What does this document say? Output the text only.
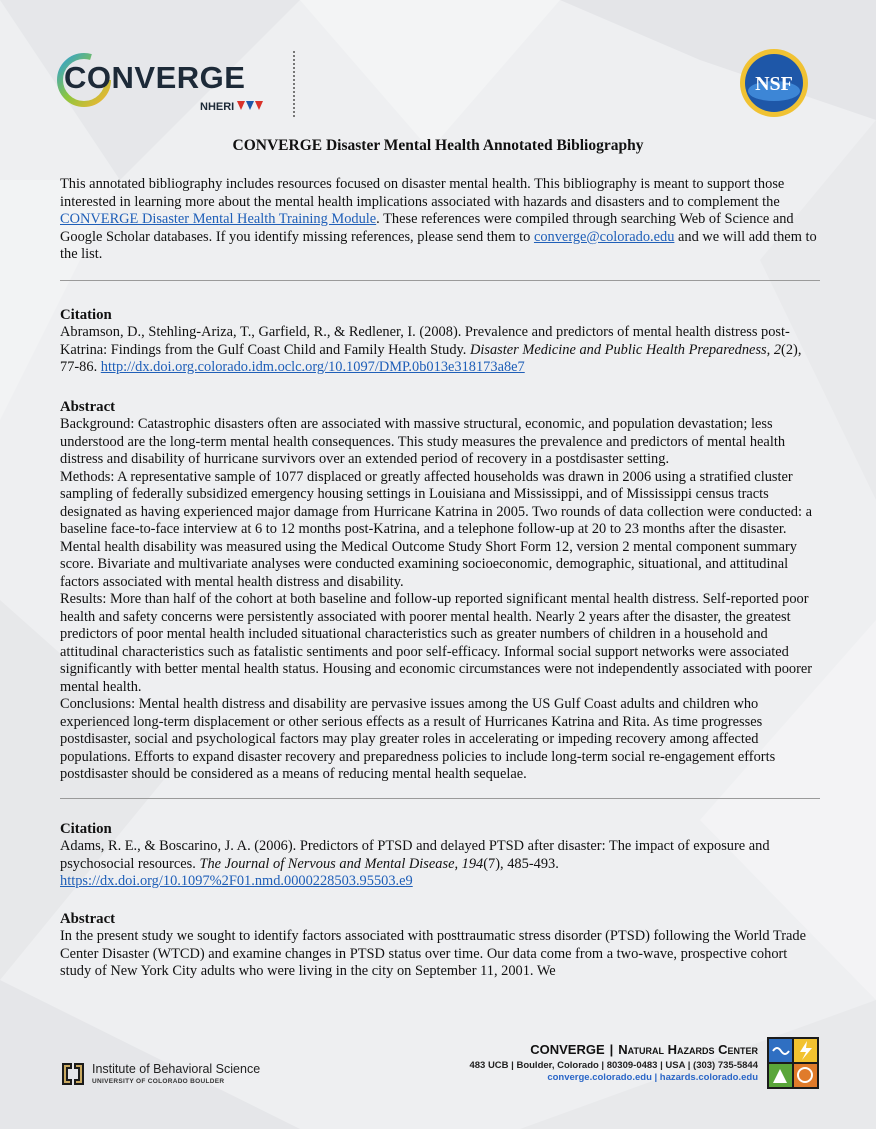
CONVERGE
NHERI
NSF
CONVERGE Disaster Mental Health Annotated Bibliography

This annotated bibliography includes resources focused on disaster mental health. This bibliography is meant to support those interested in learning more about the mental health implications associated with hazards and disasters and to complement the CONVERGE Disaster Mental Health Training Module. These references were compiled through searching Web of Science and Google Scholar databases. If you identify missing references, please send them to converge@colorado.edu and we will add them to the list.

Citation

Abramson, D., Stehling-Ariza, T., Garfield, R., & Redlener, I. (2008). Prevalence and predictors of mental health distress post-Katrina: Findings from the Gulf Coast Child and Family Health Study. Disaster Medicine and Public Health Preparedness, 2(2), 77-86. http://dx.doi.org.colorado.idm.oclc.org/10.1097/DMP.0b013e318173a8e7

Abstract

Background: Catastrophic disasters often are associated with massive structural, economic, and population devastation; less understood are the long-term mental health consequences. This study measures the prevalence and predictors of mental health distress and disability of hurricane survivors over an extended period of recovery in a postdisaster setting.

Methods: A representative sample of 1077 displaced or greatly affected households was drawn in 2006 using a stratified cluster sampling of federally subsidized emergency housing settings in Louisiana and Mississippi, and of Mississippi census tracts designated as having experienced major damage from Hurricane Katrina in 2005. Two rounds of data collection were conducted: a baseline face-to-face interview at 6 to 12 months post-Katrina, and a telephone follow-up at 20 to 23 months after the disaster. Mental health disability was measured using the Medical Outcome Study Short Form 12, version 2 mental component summary score. Bivariate and multivariate analyses were conducted examining socioeconomic, demographic, situational, and attitudinal factors associated with mental health distress and disability.

Results: More than half of the cohort at both baseline and follow-up reported significant mental health distress. Self-reported poor health and safety concerns were persistently associated with poorer mental health. Nearly 2 years after the disaster, the greatest predictors of poor mental health included situational characteristics such as greater numbers of children in a household and attitudinal characteristics such as fatalistic sentiments and poor self-efficacy. Informal social support networks were associated significantly with better mental health status. Housing and economic circumstances were not independently associated with poorer mental health.

Conclusions: Mental health distress and disability are pervasive issues among the US Gulf Coast adults and children who experienced long-term displacement or other serious effects as a result of Hurricanes Katrina and Rita. As time progresses postdisaster, social and psychological factors may play greater roles in accelerating or impeding recovery among affected populations. Efforts to expand disaster recovery and preparedness policies to include long-term social re-engagement efforts postdisaster should be considered as a means of reducing mental health sequelae.

Citation

Adams, R. E., & Boscarino, J. A. (2006). Predictors of PTSD and delayed PTSD after disaster: The impact of exposure and psychosocial resources. The Journal of Nervous and Mental Disease, 194(7), 485-493.
https://dx.doi.org/10.1097%2F01.nmd.0000228503.95503.e9

Abstract

In the present study we sought to identify factors associated with posttraumatic stress disorder (PTSD) following the World Trade Center Disaster (WTCD) and examine changes in PTSD status over time. Our data come from a two-wave, prospective cohort study of New York City adults who were living in the city on September 11, 2001. We

Institute of Behavioral Science
UNIVERSITY OF COLORADO BOULDER
CONVERGE | Natural Hazards Center
483 UCB | Boulder, Colorado | 80309-0483 | USA | (303) 735-5844
converge.colorado.edu | hazards.colorado.edu
